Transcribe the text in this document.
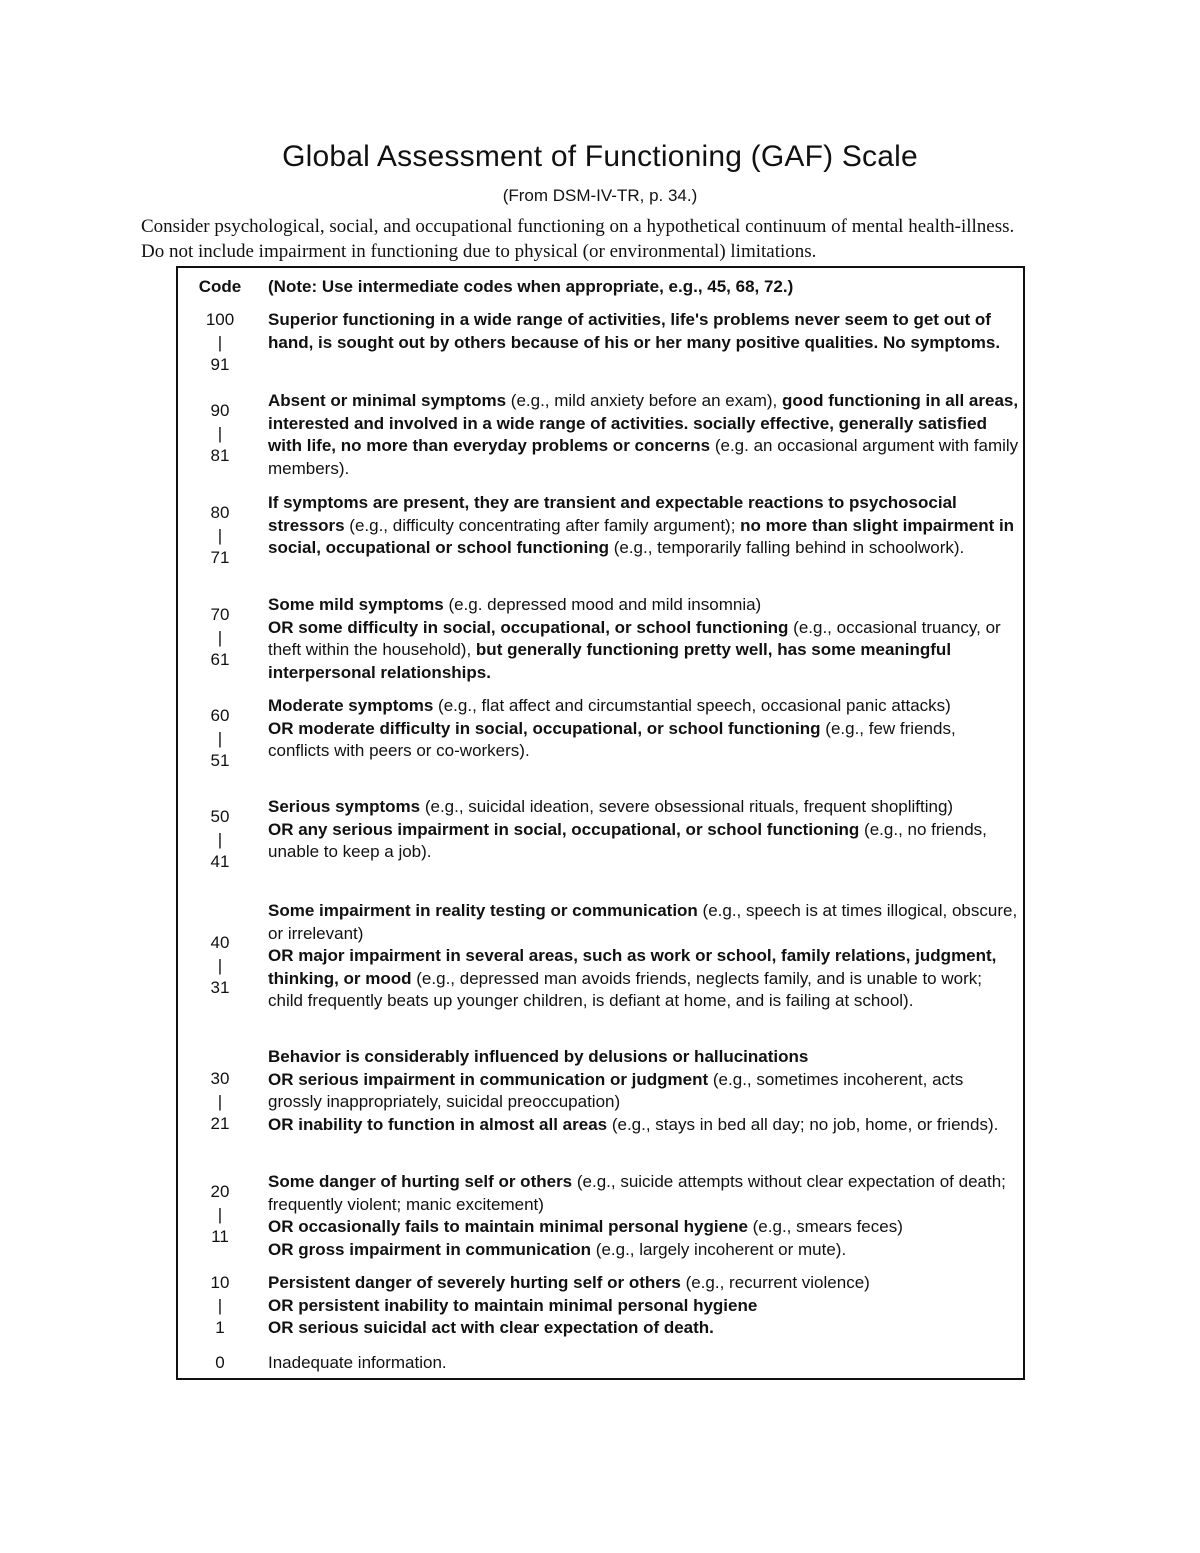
Global Assessment of Functioning (GAF) Scale
(From DSM-IV-TR, p. 34.)
Consider psychological, social, and occupational functioning on a hypothetical continuum of mental health-illness. Do not include impairment in functioning due to physical (or environmental) limitations.
Code	(Note: Use intermediate codes when appropriate, e.g., 45, 68, 72.)
100
|
91
Superior functioning in a wide range of activities, life's problems never seem to get out of hand, is sought out by others because of his or her many positive qualities. No symptoms.
90
|
81
Absent or minimal symptoms (e.g., mild anxiety before an exam), good functioning in all areas, interested and involved in a wide range of activities. socially effective, generally satisfied with life, no more than everyday problems or concerns (e.g. an occasional argument with family members).
80
|
71
If symptoms are present, they are transient and expectable reactions to psychosocial stressors (e.g., difficulty concentrating after family argument); no more than slight impairment in social, occupational or school functioning (e.g., temporarily falling behind in schoolwork).
70
|
61
Some mild symptoms (e.g. depressed mood and mild insomnia)
OR some difficulty in social, occupational, or school functioning (e.g., occasional truancy, or theft within the household), but generally functioning pretty well, has some meaningful interpersonal relationships.
60
|
51
Moderate symptoms (e.g., flat affect and circumstantial speech, occasional panic attacks)
OR moderate difficulty in social, occupational, or school functioning (e.g., few friends, conflicts with peers or co-workers).
50
|
41
Serious symptoms (e.g., suicidal ideation, severe obsessional rituals, frequent shoplifting)
OR any serious impairment in social, occupational, or school functioning (e.g., no friends, unable to keep a job).
40
|
31
Some impairment in reality testing or communication (e.g., speech is at times illogical, obscure, or irrelevant)
OR major impairment in several areas, such as work or school, family relations, judgment, thinking, or mood (e.g., depressed man avoids friends, neglects family, and is unable to work; child frequently beats up younger children, is defiant at home, and is failing at school).
30
|
21
Behavior is considerably influenced by delusions or hallucinations
OR serious impairment in communication or judgment (e.g., sometimes incoherent, acts grossly inappropriately, suicidal preoccupation)
OR inability to function in almost all areas (e.g., stays in bed all day; no job, home, or friends).
20
|
11
Some danger of hurting self or others (e.g., suicide attempts without clear expectation of death; frequently violent; manic excitement)
OR occasionally fails to maintain minimal personal hygiene (e.g., smears feces)
OR gross impairment in communication (e.g., largely incoherent or mute).
10
|
1
Persistent danger of severely hurting self or others (e.g., recurrent violence)
OR persistent inability to maintain minimal personal hygiene
OR serious suicidal act with clear expectation of death.
0	Inadequate information.
